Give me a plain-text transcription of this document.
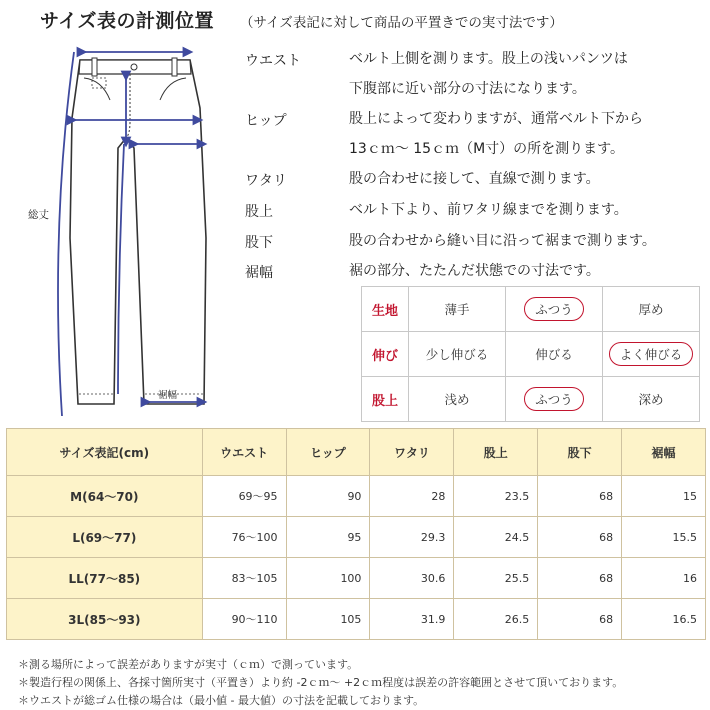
サイズ表の計測位置 （サイズ表記に対して商品の平置きでの実寸法です）
総丈
裾幅
ウエスト	ベルト上側を測ります。股上の浅いパンツは
下腹部に近い部分の寸法になります。
ヒップ	股上によって変わりますが、通常ベルト下から
13ｃｍ～ 15ｃｍ（M寸）の所を測ります。
ワタリ	股の合わせに接して、直線で測ります。
股上	ベルト下より、前ワタリ線までを測ります。
股下	股の合わせから縫い目に沿って裾まで測ります。
裾幅	裾の部分、たたんだ状態での寸法です。
生地	薄手	ふつう	厚め
伸び	少し伸びる	伸びる	よく伸びる
股上	浅め	ふつう	深め
サイズ表記(cm)	ウエスト	ヒップ	ワタリ	股上	股下	裾幅
M(64〜70)	69〜95	90	28	23.5	68	15
L(69〜77)	76〜100	95	29.3	24.5	68	15.5
LL(77〜85)	83〜105	100	30.6	25.5	68	16
3L(85〜93)	90〜110	105	31.9	26.5	68	16.5
＊測る場所によって誤差がありますが実寸（ｃｍ）で測っています。
＊製造行程の関係上、各採寸箇所実寸（平置き）より約 -2ｃｍ～ +2ｃｍ程度は誤差の許容範囲とさせて頂いております。
＊ウエストが総ゴム仕様の場合は（最小値 - 最大値）の寸法を記載しております。
